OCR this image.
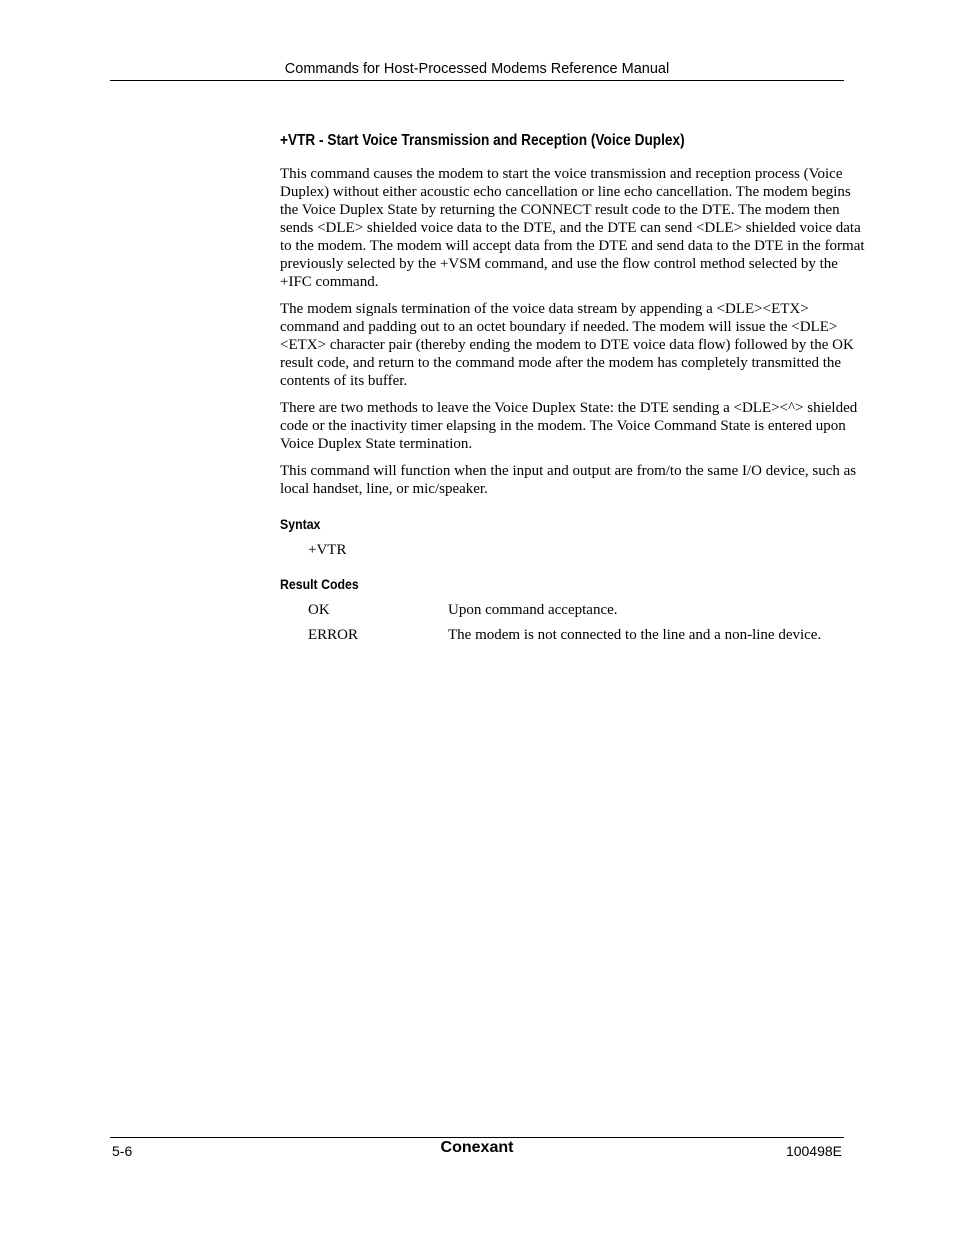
Commands for Host-Processed Modems Reference Manual
+VTR - Start Voice Transmission and Reception (Voice Duplex)

This command causes the modem to start the voice transmission and reception process (Voice Duplex) without either acoustic echo cancellation or line echo cancellation. The modem begins the Voice Duplex State by returning the CONNECT result code to the DTE. The modem then sends <DLE> shielded voice data to the DTE, and the DTE can send <DLE> shielded voice data to the modem. The modem will accept data from the DTE and send data to the DTE in the format previously selected by the +VSM command, and use the flow control method selected by the +IFC command.

The modem signals termination of the voice data stream by appending a <DLE><ETX> command and padding out to an octet boundary if needed. The modem will issue the <DLE><ETX> character pair (thereby ending the modem to DTE voice data flow) followed by the OK result code, and return to the command mode after the modem has completely transmitted the contents of its buffer.

There are two methods to leave the Voice Duplex State: the DTE sending a <DLE><^> shielded code or the inactivity timer elapsing in the modem. The Voice Command State is entered upon Voice Duplex State termination.

This command will function when the input and output are from/to the same I/O device, such as local handset, line, or mic/speaker.

Syntax
+VTR
Result Codes
OK	Upon command acceptance.
ERROR	The modem is not connected to the line and a non-line device.
5-6	Conexant	100498E
